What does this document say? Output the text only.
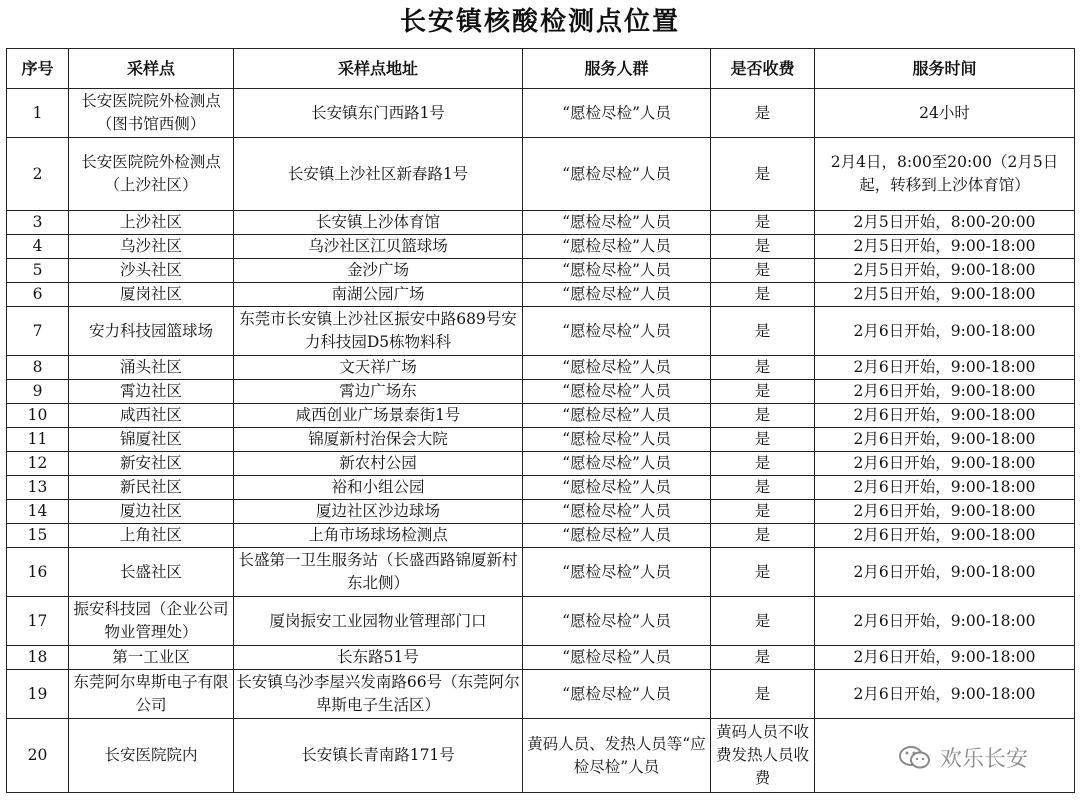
长安镇核酸检测点位置
序号	采样点	采样点地址	服务人群	是否收费	服务时间
1	长安医院院外检测点（图书馆西侧）	长安镇东门西路1号	“愿检尽检”人员	是	24小时
2	长安医院院外检测点（上沙社区）	长安镇上沙社区新春路1号	“愿检尽检”人员	是	2月4日，8:00至20:00（2月5日起，转移到上沙体育馆）
3	上沙社区	长安镇上沙体育馆	“愿检尽检”人员	是	2月5日开始，8:00-20:00
4	乌沙社区	乌沙社区江贝篮球场	“愿检尽检”人员	是	2月5日开始，9:00-18:00
5	沙头社区	金沙广场	“愿检尽检”人员	是	2月5日开始，9:00-18:00
6	厦岗社区	南湖公园广场	“愿检尽检”人员	是	2月5日开始，9:00-18:00
7	安力科技园篮球场	东莞市长安镇上沙社区振安中路689号安力科技园D5栋物料科	“愿检尽检”人员	是	2月6日开始，9:00-18:00
8	涌头社区	文天祥广场	“愿检尽检”人员	是	2月6日开始，9:00-18:00
9	霄边社区	霄边广场东	“愿检尽检”人员	是	2月6日开始，9:00-18:00
10	咸西社区	咸西创业广场景泰街1号	“愿检尽检”人员	是	2月6日开始，9:00-18:00
11	锦厦社区	锦厦新村治保会大院	“愿检尽检”人员	是	2月6日开始，9:00-18:00
12	新安社区	新农村公园	“愿检尽检”人员	是	2月6日开始，9:00-18:00
13	新民社区	裕和小组公园	“愿检尽检”人员	是	2月6日开始，9:00-18:00
14	厦边社区	厦边社区沙边球场	“愿检尽检”人员	是	2月6日开始，9:00-18:00
15	上角社区	上角市场球场检测点	“愿检尽检”人员	是	2月6日开始，9:00-18:00
16	长盛社区	长盛第一卫生服务站（长盛西路锦厦新村东北侧）	“愿检尽检”人员	是	2月6日开始，9:00-18:00
17	振安科技园（企业公司物业管理处）	厦岗振安工业园物业管理部门口	“愿检尽检”人员	是	2月6日开始，9:00-18:00
18	第一工业区	长东路51号	“愿检尽检”人员	是	2月6日开始，9:00-18:00
19	东莞阿尔卑斯电子有限公司	长安镇乌沙李屋兴发南路66号（东莞阿尔卑斯电子生活区）	“愿检尽检”人员	是	2月6日开始，9:00-18:00
20	长安医院院内	长安镇长青南路171号	黄码人员、发热人员等“应检尽检”人员	黄码人员不收费发热人员收费	
欢乐长安
